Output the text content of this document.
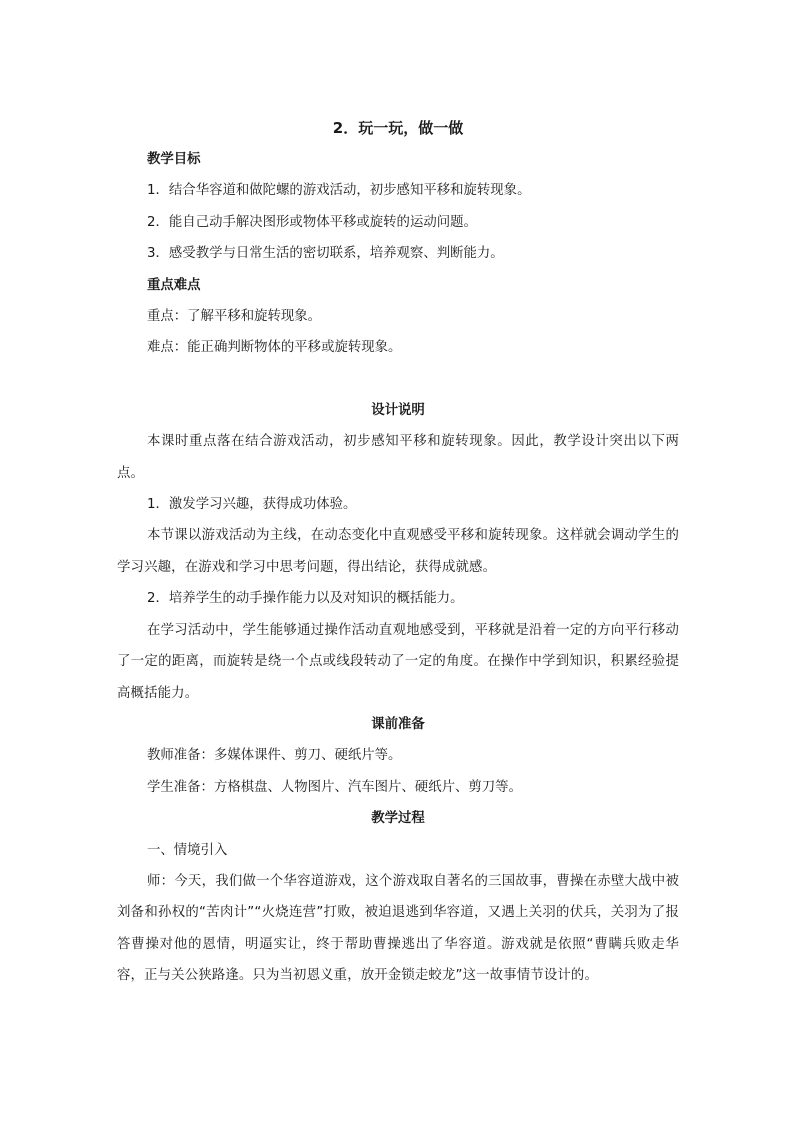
2．玩一玩，做一做

教学目标

1．结合华容道和做陀螺的游戏活动，初步感知平移和旋转现象。

2．能自己动手解决图形或物体平移或旋转的运动问题。

3．感受教学与日常生活的密切联系，培养观察、判断能力。

重点难点

重点：了解平移和旋转现象。

难点：能正确判断物体的平移或旋转现象。

设计说明

本课时重点落在结合游戏活动，初步感知平移和旋转现象。因此，教学设计突出以下两点。

1．激发学习兴趣，获得成功体验。

本节课以游戏活动为主线，在动态变化中直观感受平移和旋转现象。这样就会调动学生的学习兴趣，在游戏和学习中思考问题，得出结论，获得成就感。

2．培养学生的动手操作能力以及对知识的概括能力。

在学习活动中，学生能够通过操作活动直观地感受到，平移就是沿着一定的方向平行移动了一定的距离，而旋转是绕一个点或线段转动了一定的角度。在操作中学到知识，积累经验提高概括能力。

课前准备

教师准备：多媒体课件、剪刀、硬纸片等。

学生准备：方格棋盘、人物图片、汽车图片、硬纸片、剪刀等。

教学过程

一、情境引入

师：今天，我们做一个华容道游戏，这个游戏取自著名的三国故事，曹操在赤壁大战中被刘备和孙权的“苦肉计”“火烧连营”打败，被迫退逃到华容道，又遇上关羽的伏兵，关羽为了报答曹操对他的恩情，明逼实让，终于帮助曹操逃出了华容道。游戏就是依照“曹瞒兵败走华容，正与关公狭路逢。只为当初恩义重，放开金锁走蛟龙”这一故事情节设计的。
